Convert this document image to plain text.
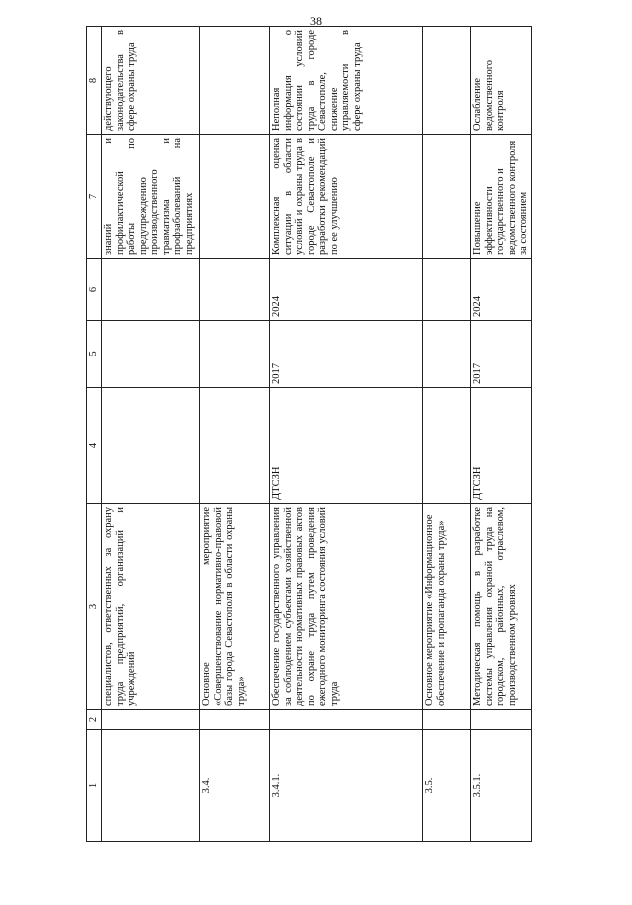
38
1	2	3	4	5	6	7	8
		специалистов, ответственных за охрану труда предприятий, организаций и учреждений				знаний и профилактической работы по предупреждению производственного травматизма и профзаболеваний на предприятиях	действующего законодательства в сфере охраны труда
3.4.		Основное мероприятие «Совершенствование нормативно-правовой базы города Севастополя в области охраны труда»					
3.4.1.		Обеспечение государственного управления за соблюдением субъектами хозяйственной деятельности нормативных правовых актов по охране труда путем проведения ежегодного мониторинга состояния условий труда	ДТСЗН	2017	2024	Комплексная оценка ситуации в области условий и охраны труда в городе Севастополе и разработки рекомендаций по ее улучшению	Неполная информация о состоянии условий труда в городе Севастополе, снижение управляемости в сфере охраны труда
3.5.		Основное мероприятие «Информационное обеспечение и пропаганда охраны труда»					
3.5.1.		Методическая помощь в разработке системы управления охраной труда на городском, районных, отраслевом, производственном уровнях	ДТСЗН	2017	2024	Повышение эффективности государственного и ведомственного контроля за состоянием	Ослабление ведомственного контроля
